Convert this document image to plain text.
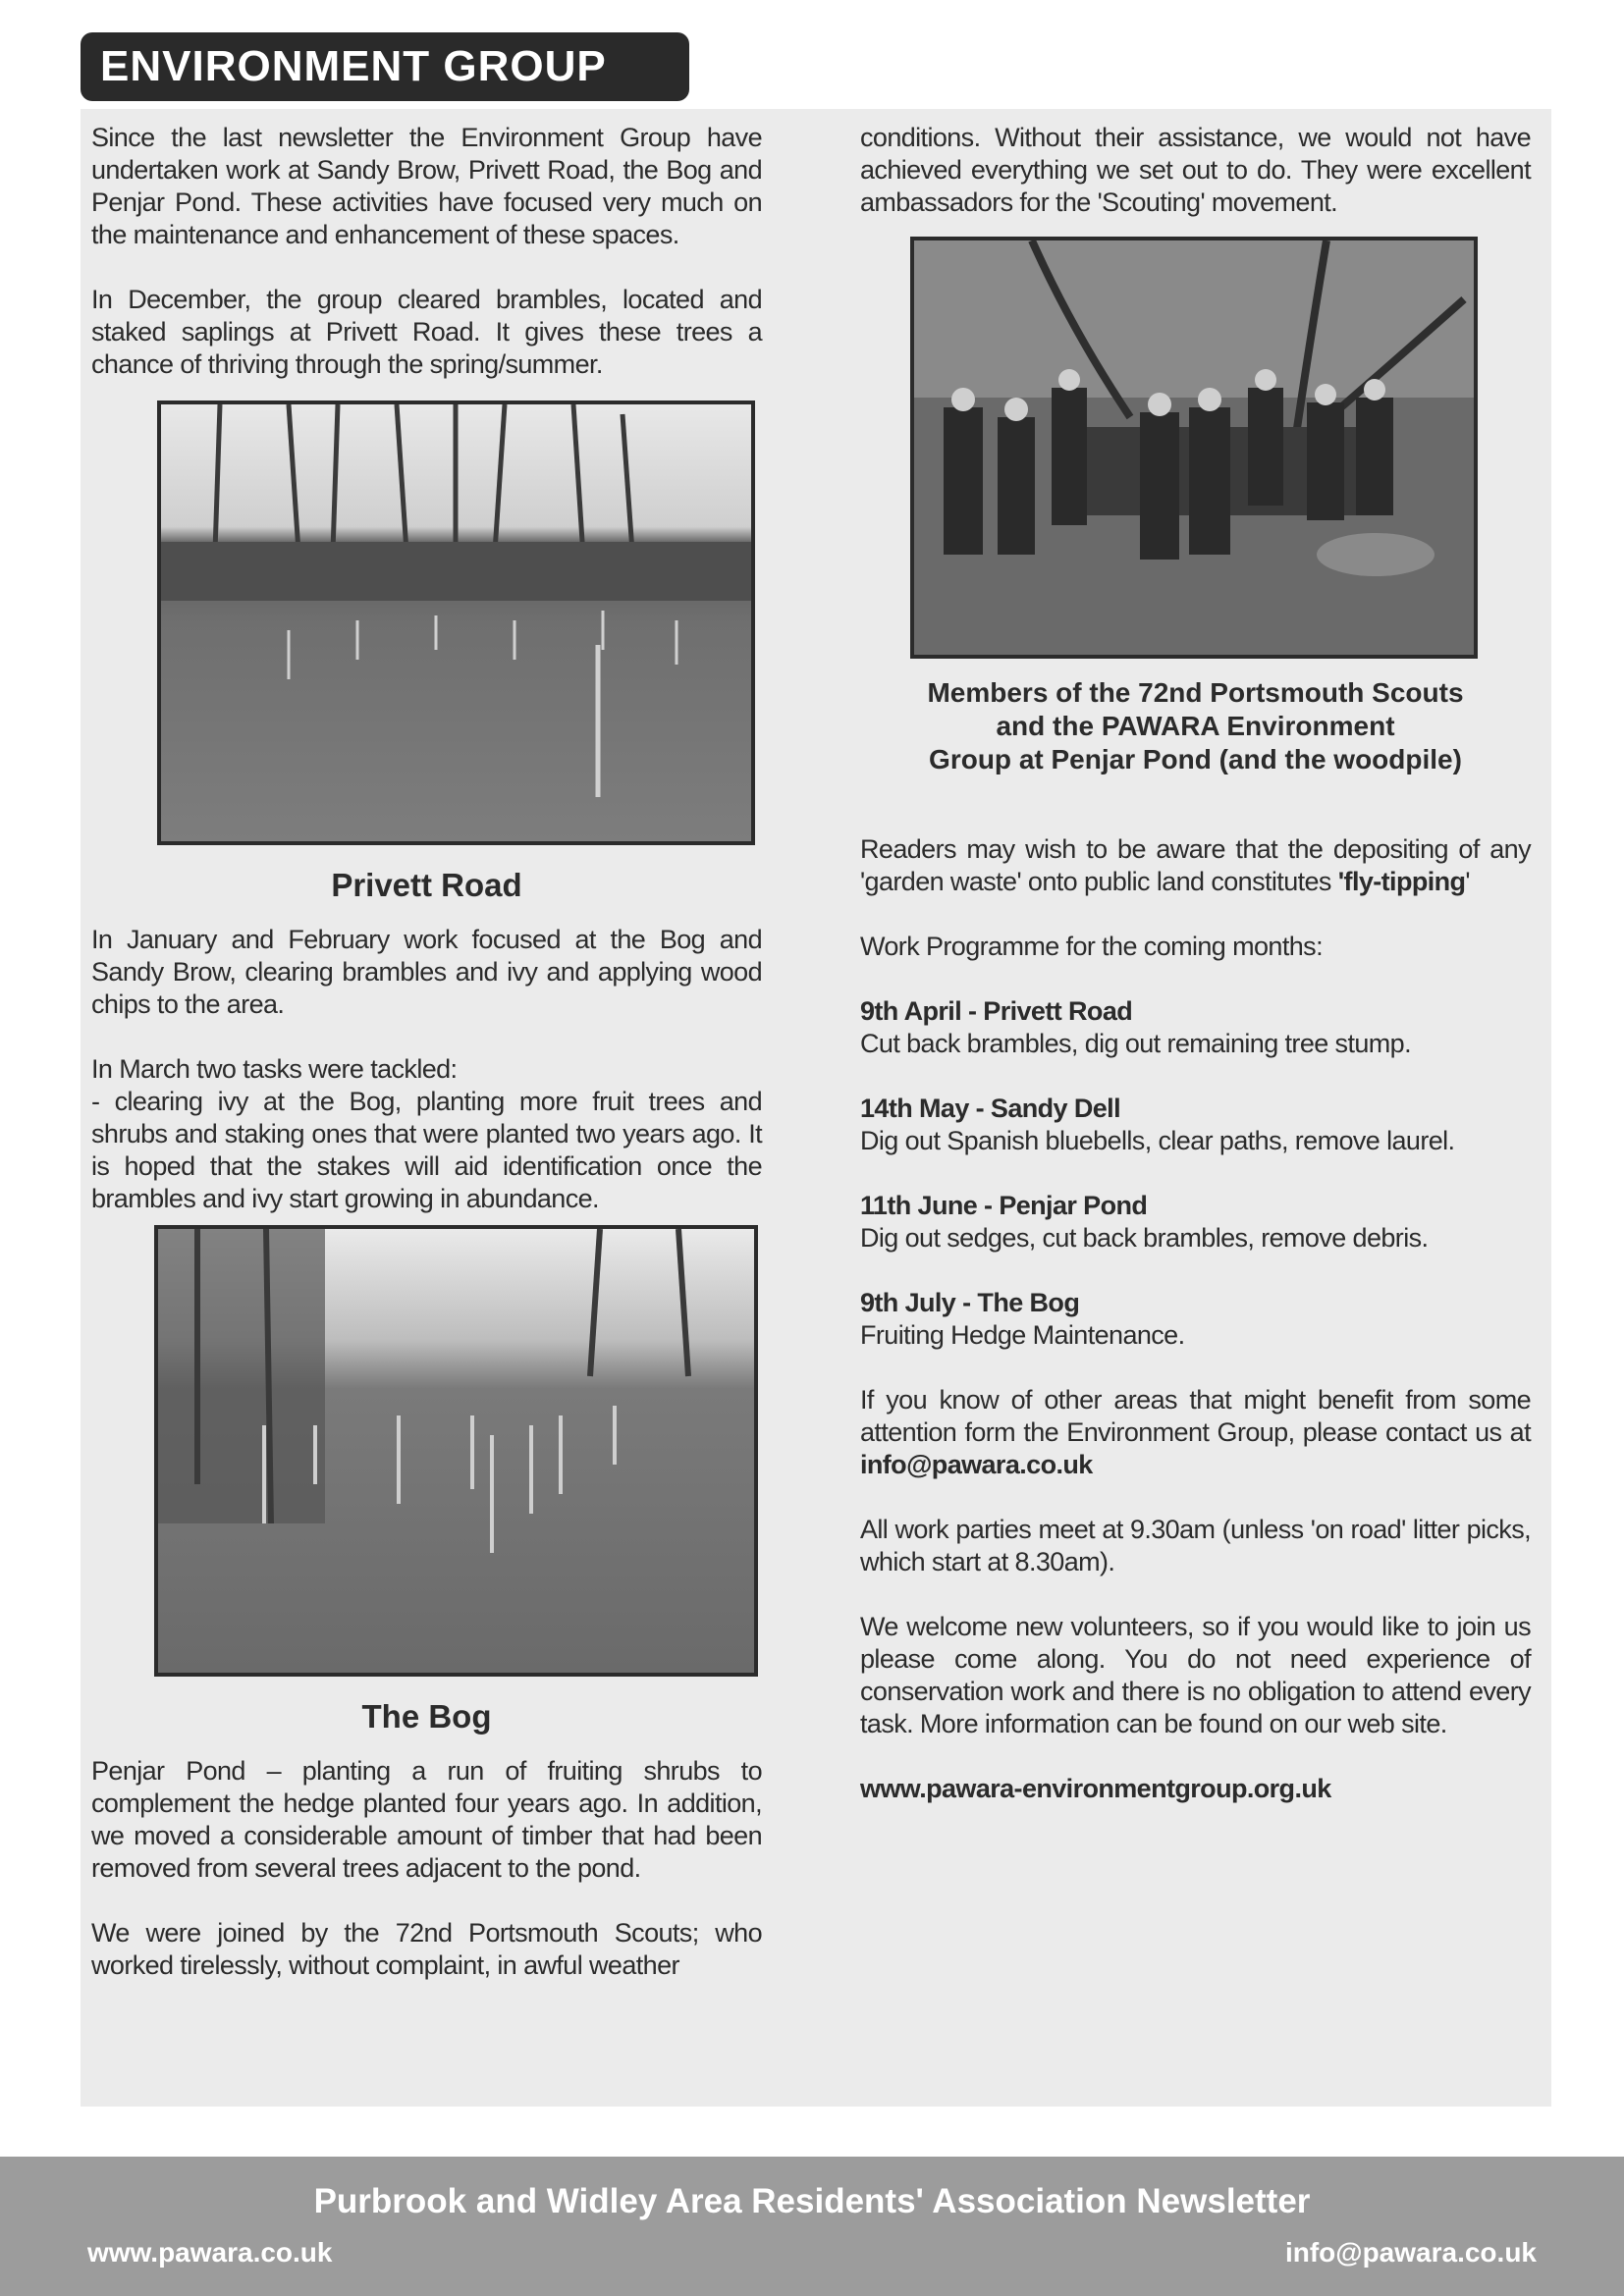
ENVIRONMENT GROUP

Since the last newsletter the Environment Group have undertaken work at Sandy Brow, Privett Road, the Bog and Penjar Pond. These activities have focused very much on the maintenance and enhancement of these spaces.

In December, the group cleared brambles, located and staked saplings at Privett Road. It gives these trees a chance of thriving through the spring/summer.

Privett Road

In January and February work focused at the Bog and Sandy Brow, clearing brambles and ivy and applying wood chips to the area.

In March two tasks were tackled:

- clearing ivy at the Bog, planting more fruit trees and shrubs and staking ones that were planted two years ago. It is hoped that the stakes will aid identification once the brambles and ivy start growing in abundance.

The Bog

Penjar Pond – planting a run of fruiting shrubs to complement the hedge planted four years ago. In addition, we moved a considerable amount of timber that had been removed from several trees adjacent to the pond.

We were joined by the 72nd Portsmouth Scouts; who worked tirelessly, without complaint, in awful weather

conditions. Without their assistance, we would not have achieved everything we set out to do. They were excellent ambassadors for the 'Scouting' movement.

Members of the 72nd Portsmouth Scouts

and the PAWARA Environment

Group at Penjar Pond (and the woodpile)

Readers may wish to be aware that the depositing of any 'garden waste' onto public land constitutes 'fly-tipping'

Work Programme for the coming months:

9th April - Privett Road

Cut back brambles, dig out remaining tree stump.

14th May - Sandy Dell

Dig out Spanish bluebells, clear paths, remove laurel.

11th June - Penjar Pond

Dig out sedges, cut back brambles, remove debris.

9th July - The Bog

Fruiting Hedge Maintenance.

If you know of other areas that might benefit from some attention form the Environment Group, please contact us at info@pawara.co.uk

All work parties meet at 9.30am (unless 'on road' litter picks, which start at 8.30am).

We welcome new volunteers, so if you would like to join us please come along. You do not need experience of conservation work and there is no obligation to attend every task. More information can be found on our web site.

www.pawara-environmentgroup.org.uk

Purbrook and Widley Area Residents' Association Newsletter
www.pawara.co.uk	info@pawara.co.uk
